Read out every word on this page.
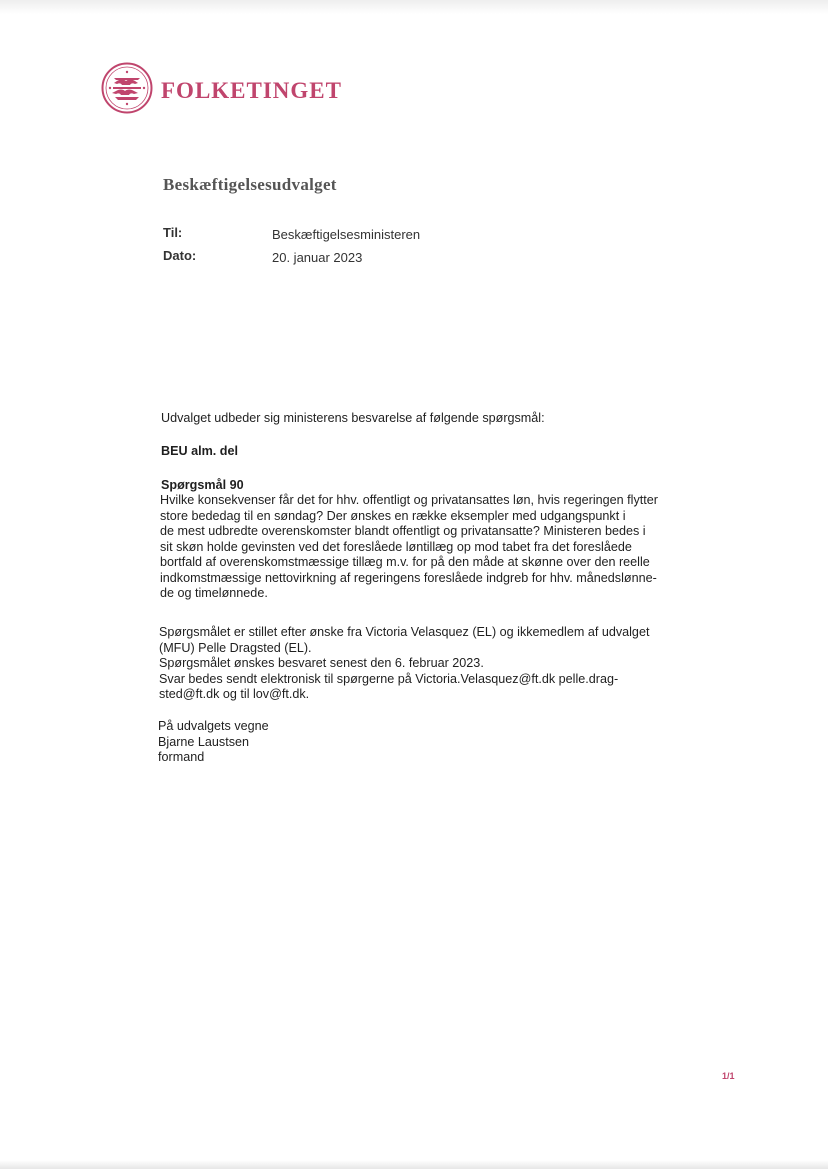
FOLKETINGET
Beskæftigelsesudvalget
Til:	Beskæftigelsesministeren
Dato:	20. januar 2023
Udvalget udbeder sig ministerens besvarelse af følgende spørgsmål:
BEU alm. del
Spørgsmål 90
Hvilke konsekvenser får det for hhv. offentligt og privatansattes løn, hvis regeringen flytter
store bededag til en søndag? Der ønskes en række eksempler med udgangspunkt i
de mest udbredte overenskomster blandt offentligt og privatansatte? Ministeren bedes i
sit skøn holde gevinsten ved det foreslåede løntillæg op mod tabet fra det foreslåede
bortfald af overenskomstmæssige tillæg m.v. for på den måde at skønne over den reelle
indkomstmæssige nettovirkning af regeringens foreslåede indgreb for hhv. månedslønne-
de og timelønnede.
Spørgsmålet er stillet efter ønske fra Victoria Velasquez (EL) og ikkemedlem af udvalget
(MFU) Pelle Dragsted (EL).
Spørgsmålet ønskes besvaret senest den 6. februar 2023.
Svar bedes sendt elektronisk til spørgerne på Victoria.Velasquez@ft.dk pelle.drag-
sted@ft.dk og til lov@ft.dk.
På udvalgets vegne
Bjarne Laustsen
formand
1/1
